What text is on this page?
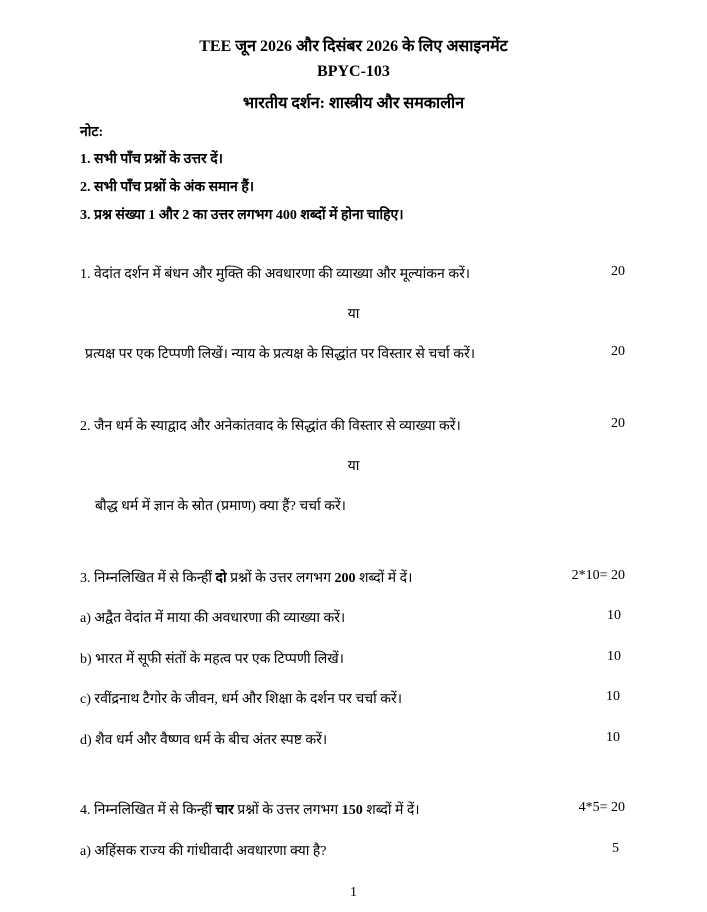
TEE जून 2026 और दिसंबर 2026 के लिए असाइनमेंट
BPYC-103
भारतीय दर्शन: शास्त्रीय और समकालीन
नोट:
1. सभी पाँच प्रश्नों के उत्तर दें।
2. सभी पाँच प्रश्नों के अंक समान हैं।
3. प्रश्न संख्या 1 और 2 का उत्तर लगभग 400 शब्दों में होना चाहिए।
1. वेदांत दर्शन में बंधन और मुक्ति की अवधारणा की व्याख्या और मूल्यांकन करें।	20
या
प्रत्यक्ष पर एक टिप्पणी लिखें। न्याय के प्रत्यक्ष के सिद्धांत पर विस्तार से चर्चा करें।	20
2. जैन धर्म के स्याद्वाद और अनेकांतवाद के सिद्धांत की विस्तार से व्याख्या करें।	20
या
बौद्ध धर्म में ज्ञान के स्रोत (प्रमाण) क्या हैं? चर्चा करें।
3. निम्नलिखित में से किन्हीं दो प्रश्नों के उत्तर लगभग 200 शब्दों में दें।	2*10= 20
a) अद्वैत वेदांत में माया की अवधारणा की व्याख्या करें।	10
b) भारत में सूफी संतों के महत्व पर एक टिप्पणी लिखें।	10
c) रवींद्रनाथ टैगोर के जीवन, धर्म और शिक्षा के दर्शन पर चर्चा करें।	10
d) शैव धर्म और वैष्णव धर्म के बीच अंतर स्पष्ट करें।	10
4. निम्नलिखित में से किन्हीं चार प्रश्नों के उत्तर लगभग 150 शब्दों में दें।	4*5= 20
a) अहिंसक राज्य की गांधीवादी अवधारणा क्या है?	5
1
